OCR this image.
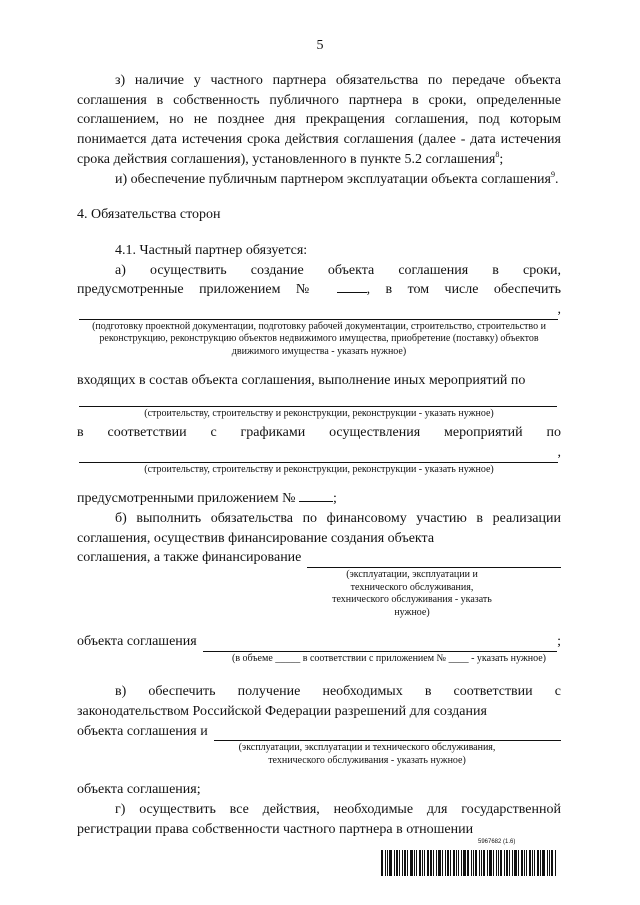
5

з) наличие у частного партнера обязательства по передаче объекта соглашения в собственность публичного партнера в сроки, определенные соглашением, но не позднее дня прекращения соглашения, под которым понимается дата истечения срока действия соглашения (далее - дата истечения срока действия соглашения), установленного в пункте 5.2 соглашения$^8$;

и) обеспечение публичным партнером эксплуатации объекта соглашения$^9$.

4. Обязательства сторон

4.1. Частный партнер обязуется:

а) осуществить создание объекта соглашения в сроки,

предусмотренные приложением №	, в том числе обеспечить

,

(подготовку проектной документации, подготовку рабочей документации, строительство, строительство и реконструкцию, реконструкцию объектов недвижимого имущества, приобретение (поставку) объектов движимого имущества - указать нужное)

входящих в состав объекта соглашения, выполнение иных мероприятий по

(строительству, строительству и реконструкции, реконструкции - указать нужное)

в соответствии с графиками осуществления мероприятий по

,

(строительству, строительству и реконструкции, реконструкции - указать нужное)

предусмотренными приложением №	;

б) выполнить обязательства по финансовому участию в реализации соглашения, осуществив финансирование создания объекта

соглашения, а также финансирование

(эксплуатации, эксплуатации и технического обслуживания, технического обслуживания - указать нужное)

объекта соглашения	;

(в объеме _____ в соответствии с приложением № ____ - указать нужное)

в) обеспечить получение необходимых в соответствии с законодательством Российской Федерации разрешений для создания

объекта соглашения и

(эксплуатации, эксплуатации и технического обслуживания, технического обслуживания - указать нужное)

объекта соглашения;

г) осуществить все действия, необходимые для государственной регистрации права собственности частного партнера в отношении

5967682 (1.6)
